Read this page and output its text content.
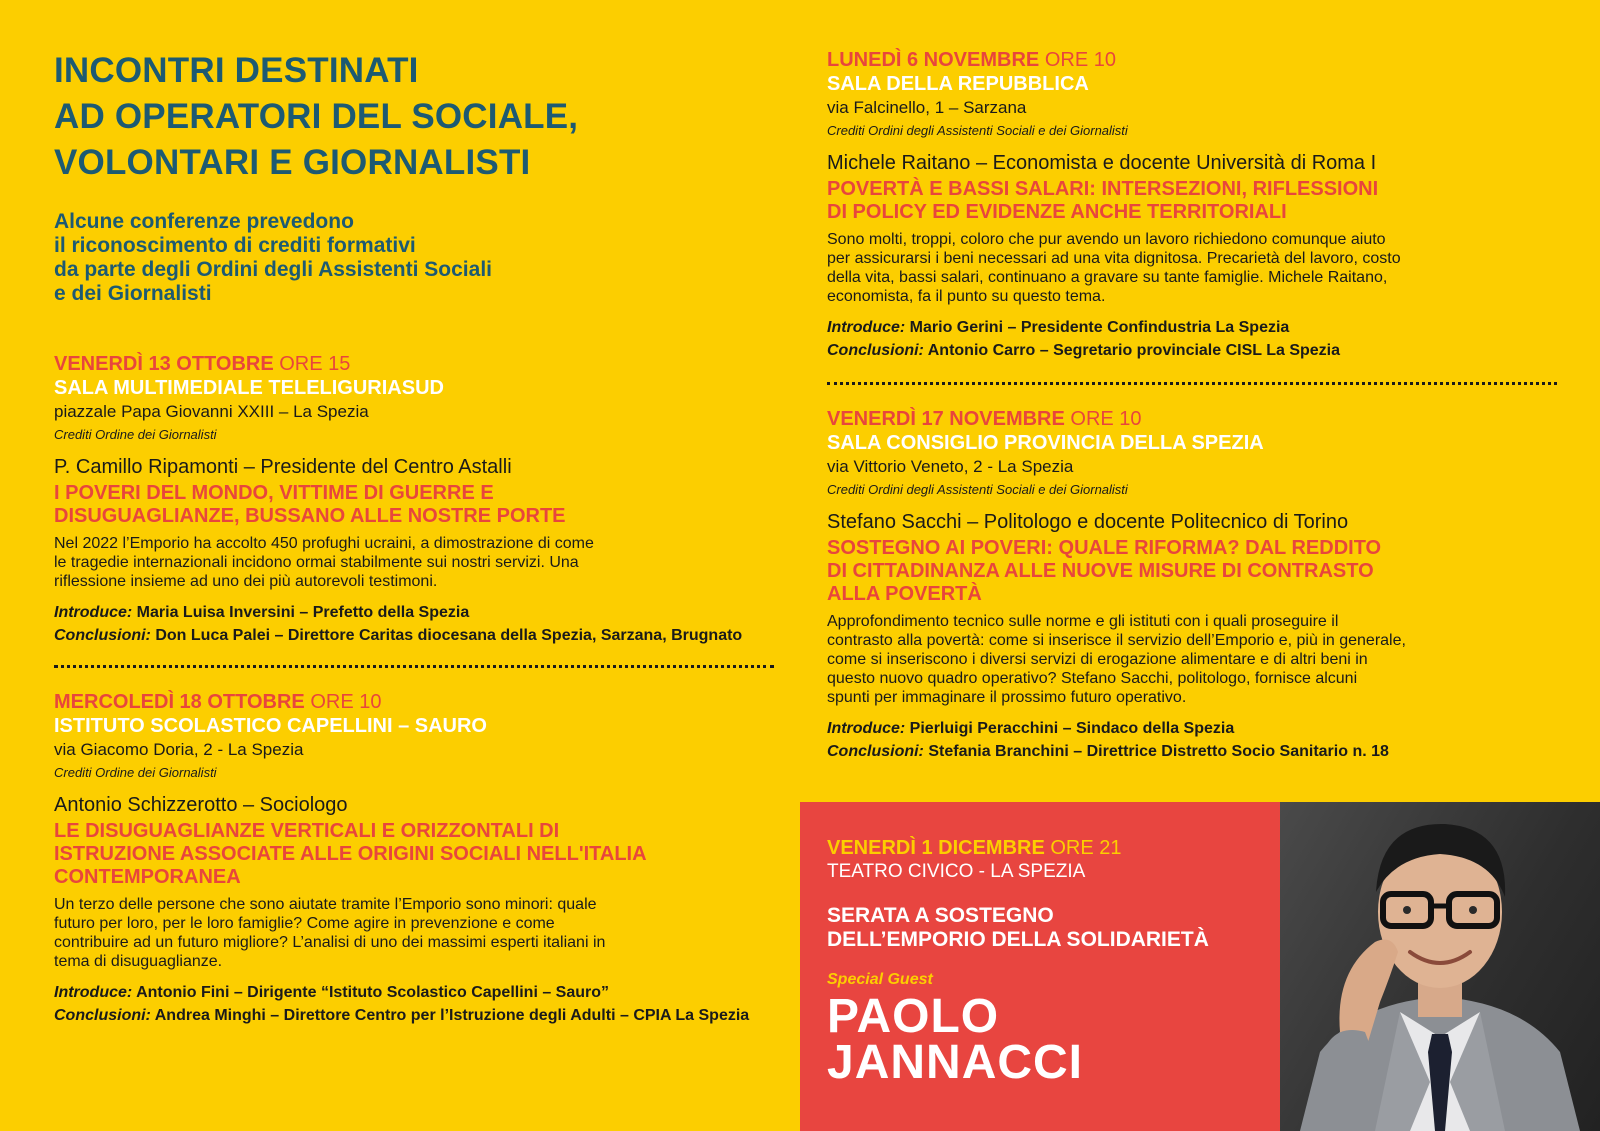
INCONTRI DESTINATI
AD OPERATORI DEL SOCIALE,
VOLONTARI E GIORNALISTI

Alcune conferenze prevedono
il riconoscimento di crediti formativi
da parte degli Ordini degli Assistenti Sociali
e dei Giornalisti

VENERDÌ 13 OTTOBRE ORE 15
SALA MULTIMEDIALE TELELIGURIASUD
piazzale Papa Giovanni XXIII – La Spezia
Crediti Ordine dei Giornalisti
P. Camillo Ripamonti – Presidente del Centro Astalli
I POVERI DEL MONDO, VITTIME DI GUERRE E
DISUGUAGLIANZE, BUSSANO ALLE NOSTRE PORTE
Nel 2022 l’Emporio ha accolto 450 profughi ucraini, a dimostrazione di come
le tragedie internazionali incidono ormai stabilmente sui nostri servizi. Una
riflessione insieme ad uno dei più autorevoli testimoni.
Introduce: Maria Luisa Inversini – Prefetto della Spezia
Conclusioni: Don Luca Palei – Direttore Caritas diocesana della Spezia, Sarzana, Brugnato
MERCOLEDÌ 18 OTTOBRE ORE 10
ISTITUTO SCOLASTICO CAPELLINI – SAURO
via Giacomo Doria, 2 - La Spezia
Crediti Ordine dei Giornalisti
Antonio Schizzerotto – Sociologo
LE DISUGUAGLIANZE VERTICALI E ORIZZONTALI DI
ISTRUZIONE ASSOCIATE ALLE ORIGINI SOCIALI NELL'ITALIA
CONTEMPORANEA
Un terzo delle persone che sono aiutate tramite l’Emporio sono minori: quale
futuro per loro, per le loro famiglie? Come agire in prevenzione e come
contribuire ad un futuro migliore? L’analisi di uno dei massimi esperti italiani in
tema di disuguaglianze.
Introduce: Antonio Fini – Dirigente “Istituto Scolastico Capellini – Sauro”
Conclusioni: Andrea Minghi – Direttore Centro per l’Istruzione degli Adulti – CPIA La Spezia
LUNEDÌ 6 NOVEMBRE ORE 10
SALA DELLA REPUBBLICA
via Falcinello, 1 – Sarzana
Crediti Ordini degli Assistenti Sociali e dei Giornalisti
Michele Raitano – Economista e docente Università di Roma I
POVERTÀ E BASSI SALARI: INTERSEZIONI, RIFLESSIONI
DI POLICY ED EVIDENZE ANCHE TERRITORIALI
Sono molti, troppi, coloro che pur avendo un lavoro richiedono comunque aiuto
per assicurarsi i beni necessari ad una vita dignitosa. Precarietà del lavoro, costo
della vita, bassi salari, continuano a gravare su tante famiglie. Michele Raitano,
economista, fa il punto su questo tema.
Introduce: Mario Gerini – Presidente Confindustria La Spezia
Conclusioni: Antonio Carro – Segretario provinciale CISL La Spezia
VENERDÌ 17 NOVEMBRE ORE 10
SALA CONSIGLIO PROVINCIA DELLA SPEZIA
via Vittorio Veneto, 2 - La Spezia
Crediti Ordini degli Assistenti Sociali e dei Giornalisti
Stefano Sacchi – Politologo e docente Politecnico di Torino
SOSTEGNO AI POVERI: QUALE RIFORMA? DAL REDDITO
DI CITTADINANZA ALLE NUOVE MISURE DI CONTRASTO
ALLA POVERTÀ
Approfondimento tecnico sulle norme e gli istituti con i quali proseguire il
contrasto alla povertà: come si inserisce il servizio dell’Emporio e, più in generale,
come si inseriscono i diversi servizi di erogazione alimentare e di altri beni in
questo nuovo quadro operativo? Stefano Sacchi, politologo, fornisce alcuni
spunti per immaginare il prossimo futuro operativo.
Introduce: Pierluigi Peracchini – Sindaco della Spezia
Conclusioni: Stefania Branchini – Direttrice Distretto Socio Sanitario n. 18
VENERDÌ 1 DICEMBRE ORE 21
TEATRO CIVICO - LA SPEZIA
SERATA A SOSTEGNO
DELL’EMPORIO DELLA SOLIDARIETÀ
Special Guest
PAOLO
JANNACCI
